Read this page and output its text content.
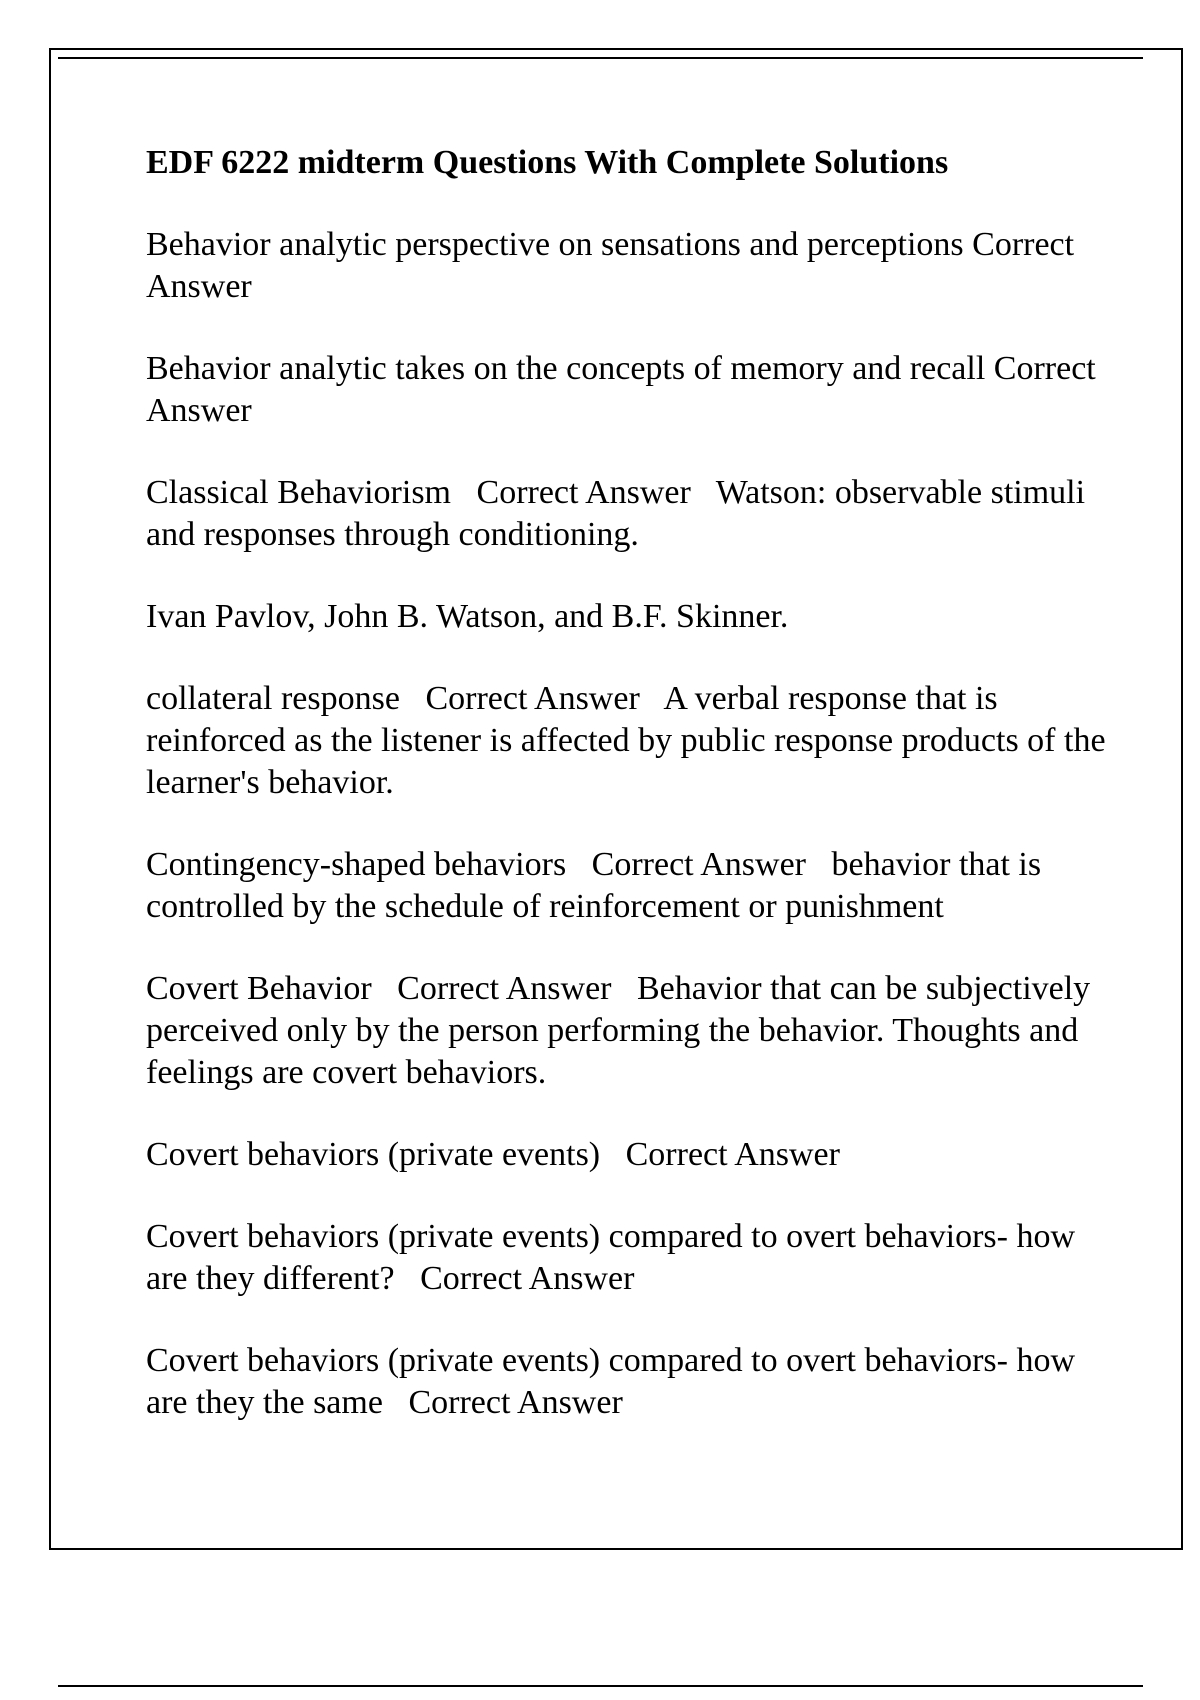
EDF 6222 midterm Questions With Complete Solutions
Behavior analytic perspective on sensations and perceptions Correct Answer
Behavior analytic takes on the concepts of memory and recall Correct Answer
Classical Behaviorism Correct Answer Watson: observable stimuli and responses through conditioning.
Ivan Pavlov, John B. Watson, and B.F. Skinner.
collateral response Correct Answer A verbal response that is reinforced as the listener is affected by public response products of the learner's behavior.
Contingency-shaped behaviors Correct Answer behavior that is controlled by the schedule of reinforcement or punishment
Covert Behavior Correct Answer Behavior that can be subjectively perceived only by the person performing the behavior. Thoughts and feelings are covert behaviors.
Covert behaviors (private events) Correct Answer
Covert behaviors (private events) compared to overt behaviors- how are they different? Correct Answer
Covert behaviors (private events) compared to overt behaviors- how are they the same Correct Answer
